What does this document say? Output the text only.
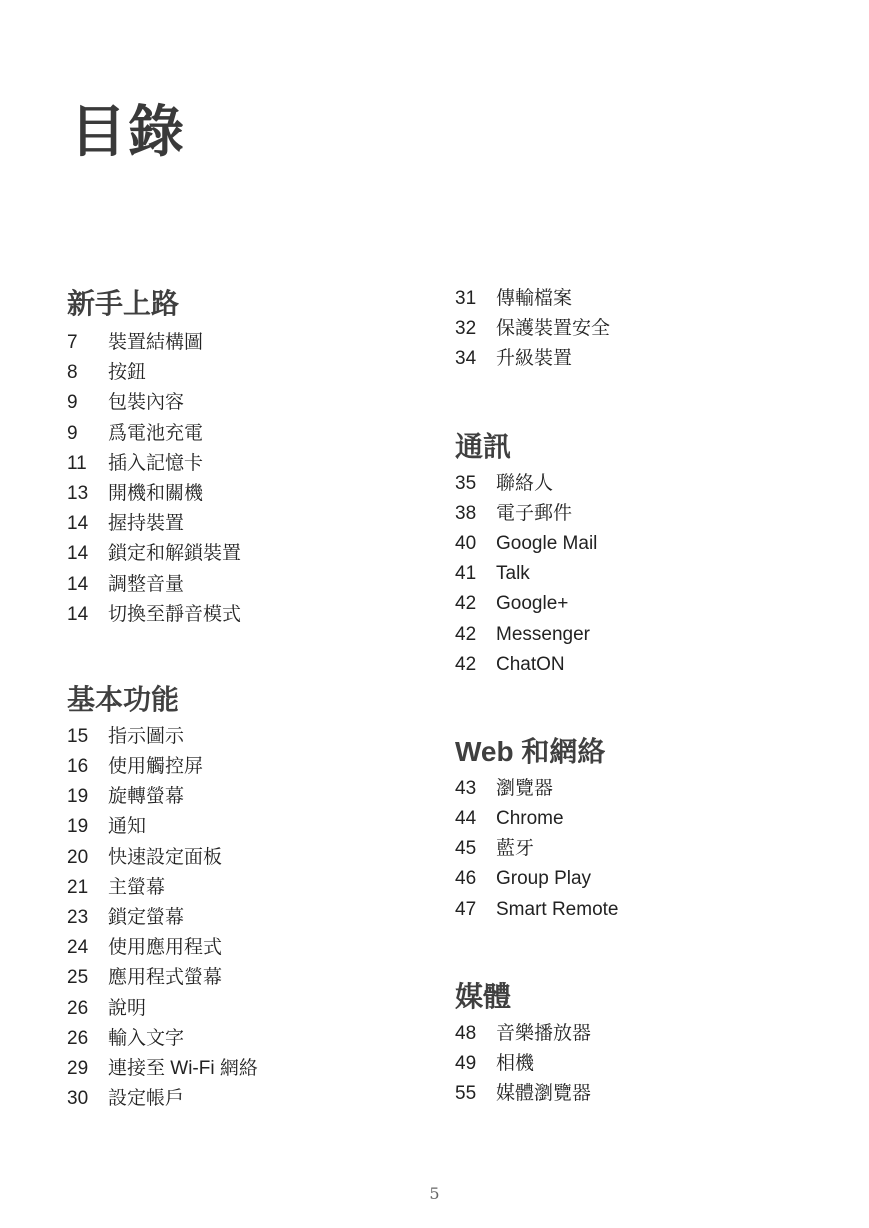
目錄
新手上路
7	裝置結構圖
8	按鈕
9	包裝內容
9	爲電池充電
11	插入記憶卡
13	開機和關機
14	握持裝置
14	鎖定和解鎖裝置
14	調整音量
14	切換至靜音模式
基本功能
15	指示圖示
16	使用觸控屏
19	旋轉螢幕
19	通知
20	快速設定面板
21	主螢幕
23	鎖定螢幕
24	使用應用程式
25	應用程式螢幕
26	說明
26	輸入文字
29	連接至 Wi-Fi 網絡
30	設定帳戶
31	傳輸檔案
32	保護裝置安全
34	升級裝置
通訊
35	聯絡人
38	電子郵件
40	Google Mail
41	Talk
42	Google+
42	Messenger
42	ChatON
Web 和網絡
43	瀏覽器
44	Chrome
45	藍牙
46	Group Play
47	Smart Remote
媒體
48	音樂播放器
49	相機
55	媒體瀏覽器
5
